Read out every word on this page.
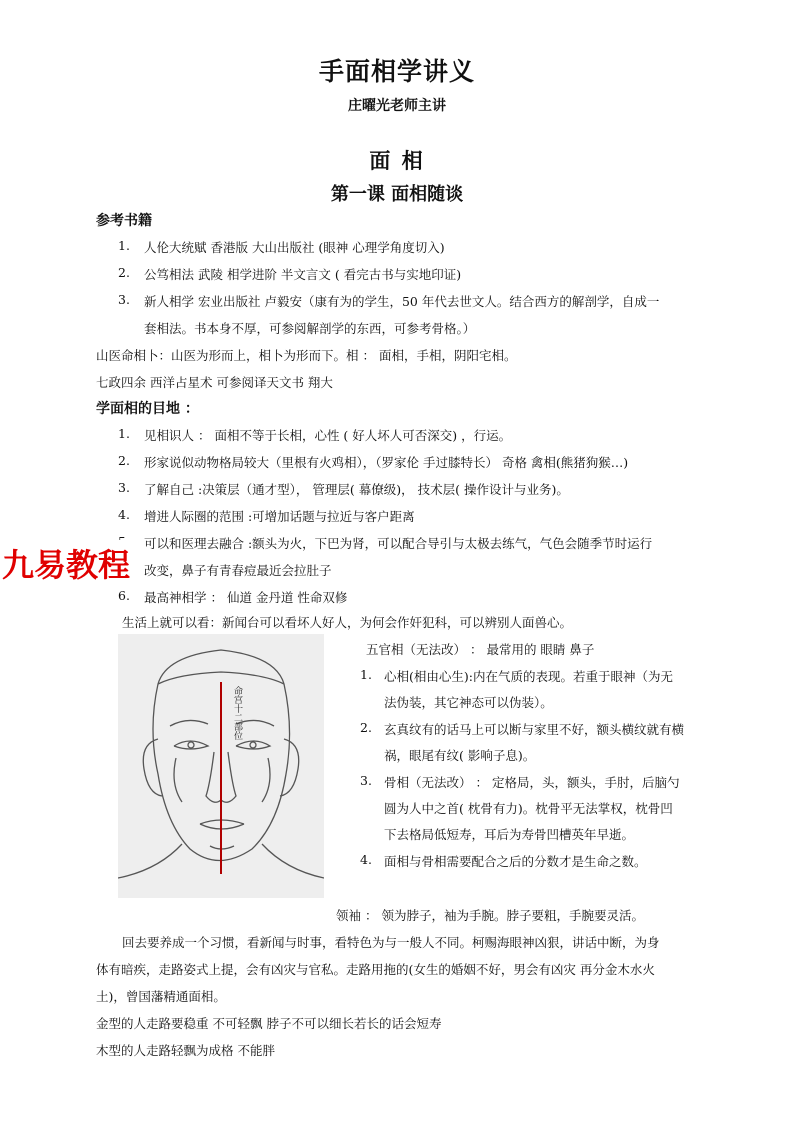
手面相学讲义
庄曜光老师主讲
面 相
第一课 面相随谈
参考书籍
1. 人伦大统赋 香港版 大山出版社 (眼神 心理学角度切入)
2. 公笃相法 武陵 相学进阶 半文言文 ( 看完古书与实地印证)
3. 新人相学 宏业出版社 卢毅安（康有为的学生，50 年代去世文人。结合西方的解剖学，自成一
套相法。书本身不厚，可参阅解剖学的东西，可参考骨格。）
山医命相卜：山医为形而上，相卜为形而下。相 ： 面相，手相，阴阳宅相。
七政四余 西洋占星术 可参阅译天文书 翔大
学面相的目地 ：
1. 见相识人 ： 面相不等于长相，心性 ( 好人坏人可否深交) ，行运。
2. 形家说似动物格局较大（里根有火鸡相），（罗家伦 手过膝特长） 奇格 禽相(熊猪狗猴…)
3. 了解自己 :决策层（通才型）， 管理层( 幕僚级)， 技术层( 操作设计与业务)。
4. 增进人际圈的范围 :可增加话题与拉近与客户距离
可以和医理去融合 :额头为火，下巴为肾，可以配合导引与太极去练气，气色会随季节时运行
改变，鼻子有青春痘最近会拉肚子
6. 最高神相学 ： 仙道 金丹道 性命双修
九易教程
生活上就可以看：新闻台可以看坏人好人，为何会作奸犯科，可以辨别人面兽心。
命宫十二部位
五官相（无法改） ： 最常用的 眼睛 鼻子
1. 心相(相由心生):内在气质的表现。若重于眼神（为无
法伪装，其它神态可以伪装）。
2. 玄真纹有的话马上可以断与家里不好，额头横纹就有横
祸，眼尾有纹( 影响子息)。
3. 骨相（无法改） ： 定格局，头，额头，手肘，后脑勺
圆为人中之首( 枕骨有力)。枕骨平无法掌权，枕骨凹
下去格局低短寿，耳后为寿骨凹槽英年早逝。
4. 面相与骨相需要配合之后的分数才是生命之数。
领袖 ： 领为脖子，袖为手腕。脖子要粗，手腕要灵活。
回去要养成一个习惯，看新闻与时事，看特色为与一般人不同。柯赐海眼神凶狠，讲话中断，为身
体有暗疾，走路姿式上提，会有凶灾与官私。走路用拖的(女生的婚姻不好，男会有凶灾 再分金木水火
土)，曾国藩精通面相。
金型的人走路要稳重 不可轻飘 脖子不可以细长若长的话会短寿
木型的人走路轻飘为成格 不能胖
